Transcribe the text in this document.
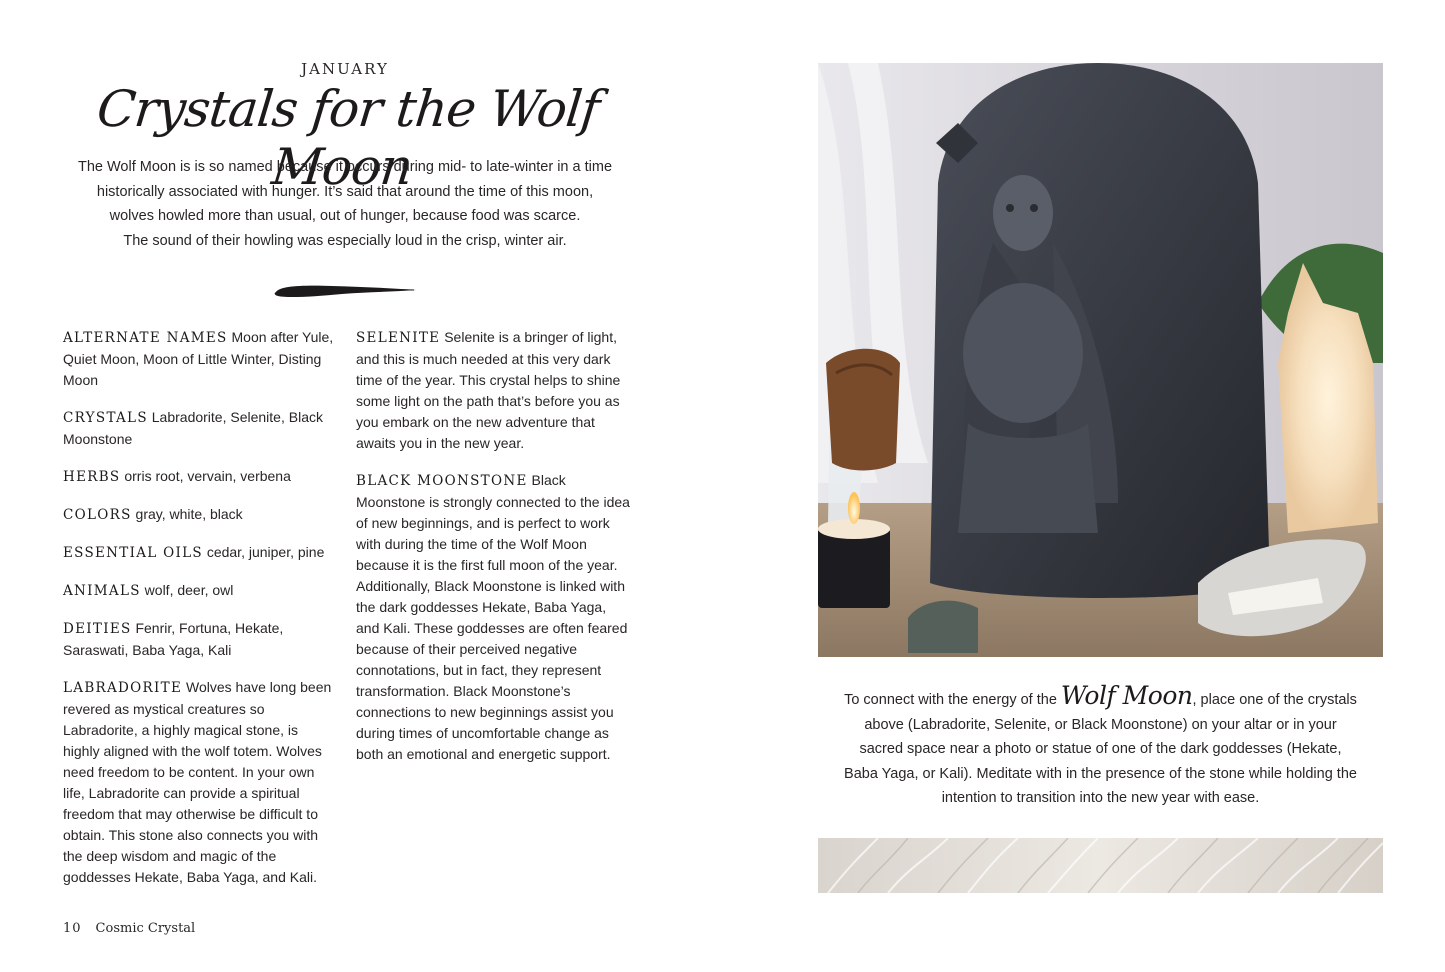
JANUARY
Crystals for the Wolf Moon
The Wolf Moon is is so named because it occurs during mid- to late-winter in a time
historically associated with hunger. It’s said that around the time of this moon,
wolves howled more than usual, out of hunger, because food was scarce.
The sound of their howling was especially loud in the crisp, winter air.

ALTERNATE NAMES Moon after Yule, Quiet Moon, Moon of Little Winter, Disting Moon

CRYSTALS Labradorite, Selenite, Black Moonstone

HERBS orris root, vervain, verbena

COLORS gray, white, black

ESSENTIAL OILS cedar, juniper, pine

ANIMALS wolf, deer, owl

DEITIES Fenrir, Fortuna, Hekate, Saraswati, Baba Yaga, Kali

LABRADORITE Wolves have long been revered as mystical creatures so Labradorite, a highly magical stone, is highly aligned with the wolf totem. Wolves need freedom to be content. In your own life, Labradorite can provide a spiritual freedom that may otherwise be difficult to obtain. This stone also connects you with the deep wisdom and magic of the goddesses Hekate, Baba Yaga, and Kali.

SELENITE Selenite is a bringer of light, and this is much needed at this very dark time of the year. This crystal helps to shine some light on the path that’s before you as you embark on the new adventure that awaits you in the new year.

BLACK MOONSTONE Black Moonstone is strongly connected to the idea of new beginnings, and is perfect to work with during the time of the Wolf Moon because it is the first full moon of the year. Additionally, Black Moonstone is linked with the dark goddesses Hekate, Baba Yaga, and Kali. These goddesses are often feared because of their perceived negative connotations, but in fact, they represent transformation. Black Moonstone’s connections to new beginnings assist you during times of uncomfortable change as both an emotional and energetic support.

10 Cosmic Crystal
To connect with the energy of the Wolf Moon, place one of the crystals above (Labradorite, Selenite, or Black Moonstone) on your altar or in your sacred space near a photo or statue of one of the dark goddesses (Hekate, Baba Yaga, or Kali). Meditate with in the presence of the stone while holding the intention to transition into the new year with ease.
